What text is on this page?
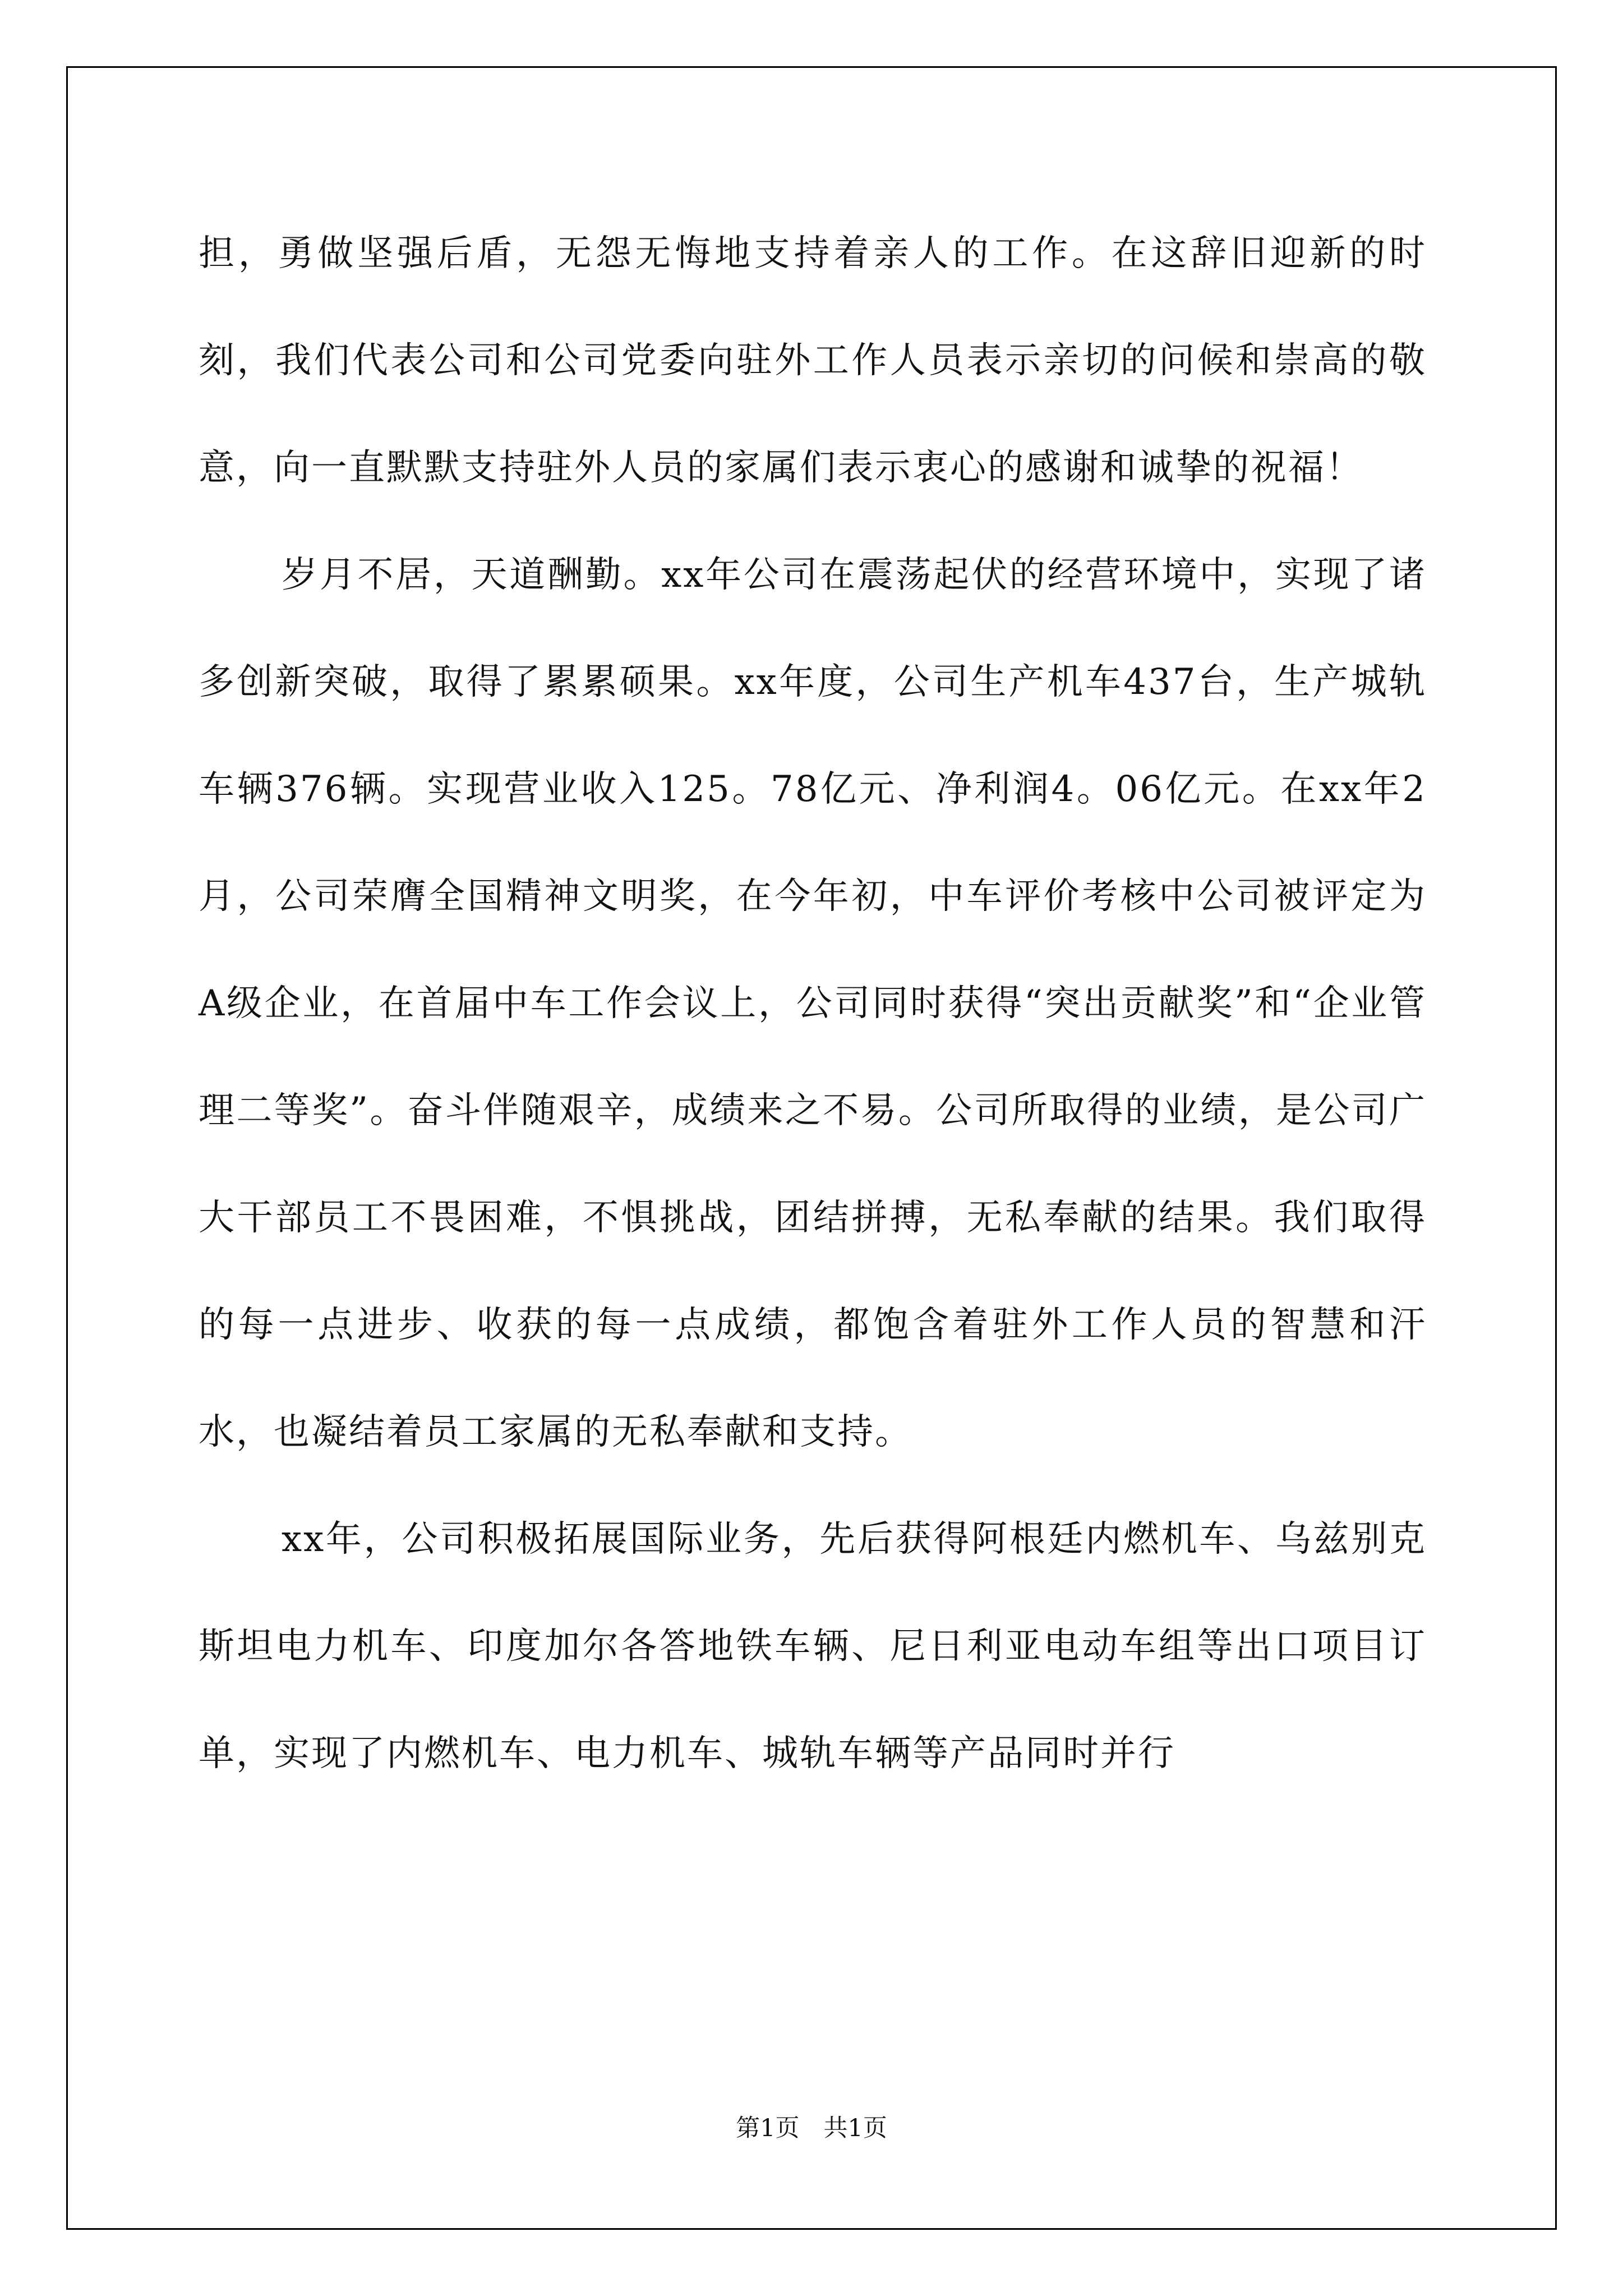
担，勇做坚强后盾，无怨无悔地支持着亲人的工作。在这辞旧迎新的时刻，我们代表公司和公司党委向驻外工作人员表示亲切的问候和崇高的敬意，向一直默默支持驻外人员的家属们表示衷心的感谢和诚挚的祝福！

岁月不居，天道酬勤。xx年公司在震荡起伏的经营环境中，实现了诸多创新突破，取得了累累硕果。xx年度，公司生产机车437台，生产城轨车辆376辆。实现营业收入125。78亿元、净利润4。06亿元。在xx年2月，公司荣膺全国精神文明奖，在今年初，中车评价考核中公司被评定为A级企业，在首届中车工作会议上，公司同时获得“突出贡献奖”和“企业管理二等奖”。奋斗伴随艰辛，成绩来之不易。公司所取得的业绩，是公司广大干部员工不畏困难，不惧挑战，团结拼搏，无私奉献的结果。我们取得的每一点进步、收获的每一点成绩，都饱含着驻外工作人员的智慧和汗水，也凝结着员工家属的无私奉献和支持。

xx年，公司积极拓展国际业务，先后获得阿根廷内燃机车、乌兹别克斯坦电力机车、印度加尔各答地铁车辆、尼日利亚电动车组等出口项目订单，实现了内燃机车、电力机车、城轨车辆等产品同时并行

第1页　共1页
